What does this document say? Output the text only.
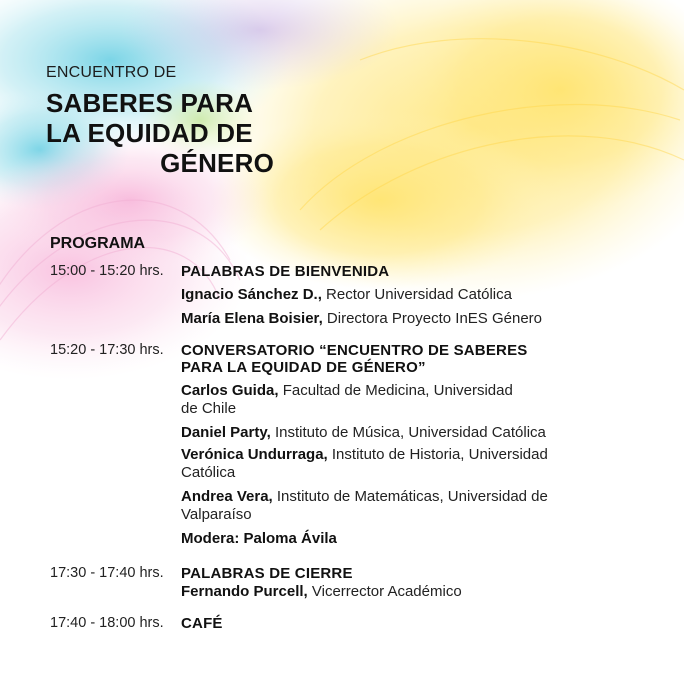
ENCUENTRO DE
SABERES PARA
LA EQUIDAD DE
GÉNERO
PROGRAMA
15:00 - 15:20 hrs.	PALABRAS DE BIENVENIDA
Ignacio Sánchez D., Rector Universidad Católica
María Elena Boisier, Directora Proyecto InES Género
15:20 - 17:30 hrs.	CONVERSATORIO “ENCUENTRO DE SABERES
PARA LA EQUIDAD DE GÉNERO”
Carlos Guida, Facultad de Medicina, Universidad
de Chile
Daniel Party, Instituto de Música, Universidad Católica
Verónica Undurraga, Instituto de Historia, Universidad
Católica
Andrea Vera, Instituto de Matemáticas, Universidad de
Valparaíso
Modera: Paloma Ávila
17:30 - 17:40 hrs.	PALABRAS DE CIERRE
Fernando Purcell, Vicerrector Académico
17:40 - 18:00 hrs.	CAFÉ
